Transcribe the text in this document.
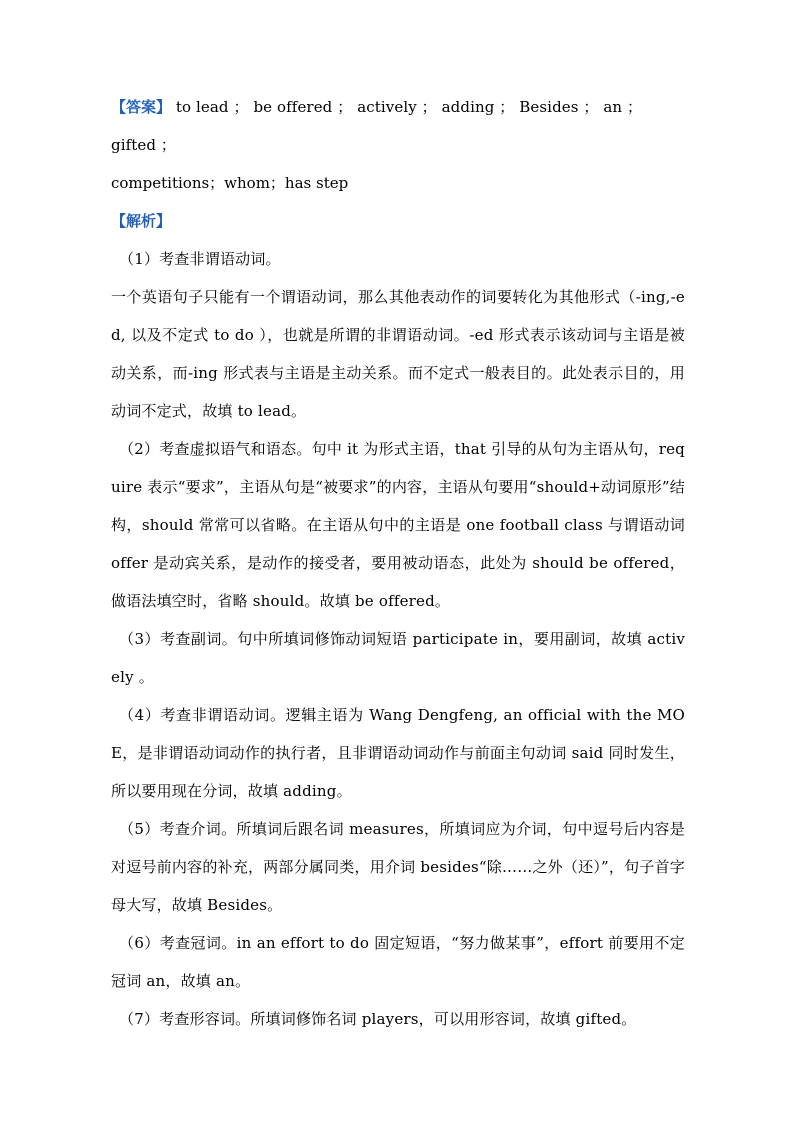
【答案】 to lead ； be offered ； actively ； adding ； Besides ； an ； gifted ；

competitions；whom；has step

【解析】

（1）考查非谓语动词。

一个英语句子只能有一个谓语动词，那么其他表动作的词要转化为其他形式（-ing,-ed, 以及不定式 to do ），也就是所谓的非谓语动词。-ed 形式表示该动词与主语是被动关系，而-ing 形式表与主语是主动关系。而不定式一般表目的。此处表示目的，用动词不定式，故填 to lead。

（2）考查虚拟语气和语态。句中 it 为形式主语，that 引导的从句为主语从句，require 表示“要求”，主语从句是“被要求”的内容，主语从句要用“should+动词原形”结构，should 常常可以省略。在主语从句中的主语是 one football class 与谓语动词 offer 是动宾关系，是动作的接受者，要用被动语态，此处为 should be offered，做语法填空时，省略 should。故填 be offered。

（3）考查副词。句中所填词修饰动词短语 participate in，要用副词，故填 actively 。

（4）考查非谓语动词。逻辑主语为 Wang Dengfeng, an official with the MOE，是非谓语动词动作的执行者，且非谓语动词动作与前面主句动词 said 同时发生，所以要用现在分词，故填 adding。

（5）考查介词。所填词后跟名词 measures，所填词应为介词，句中逗号后内容是对逗号前内容的补充，两部分属同类，用介词 besides“除……之外（还）”，句子首字母大写，故填 Besides。

（6）考查冠词。in an effort to do 固定短语，“努力做某事”，effort 前要用不定冠词 an，故填 an。

（7）考查形容词。所填词修饰名词 players，可以用形容词，故填 gifted。
